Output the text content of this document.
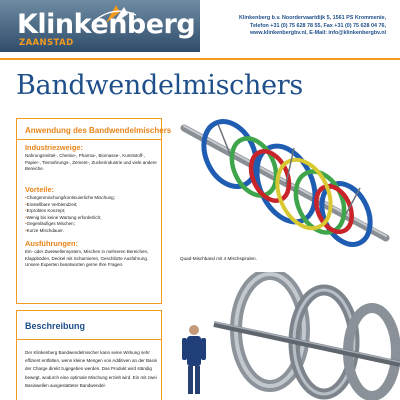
Klinkenberg
ZAANSTAD
Klinkenberg b.v. Noordervaartdijk 5, 1561 PS Krommenie,
Telefon +31 (0) 75 628 78 55, Fax +31 (0) 75 628 04 76,
www.klinkenbergbv.nl, E-Mail: info@klinkenbergbv.nl
Bandwendelmischers
Anwendung des Bandwendelmischers
Industriezweige:
Nahrungsmittel-, Chemie-, Pharma-, Biomasse-, Kunststoff-, Papier-, Tiernahrungs-, Zement-, Zuckerindustrie und viele andere Bereiche.
Vorteile:
• Chargenmischung/kontinuierliche Mischung;
• Einstellbare Verblendzeit;
• Erprobtes Konzept;
• Wenig bis keine Wartung erforderlich;
• Gegenläufiges Mischen;
• Kurze Mischdauer.
Ausführungen:
Ein- oder Zweiwellensystem, Mischen in mehreren Bereichen, Klappböden, Deckel mit Scharnieren, Geschlitzte Ausführung. Unsere Experten beantworten gerne Ihre Fragen.
Beschreibung
Der Klinkenberg Bandwendelmischer kann seine Wirkung sehr effizient entfalten, wenn kleine Mengen von Additiven an der Basis der Charge direkt zugegeben werden. Das Produkt wird ständig bewegt, wodurch eine optimale Mischung erzielt wird. Ein mit zwei Basiswellen ausgestatteter Bandwendel-
Quad-Mischband mit 4 Mischspiralen.
